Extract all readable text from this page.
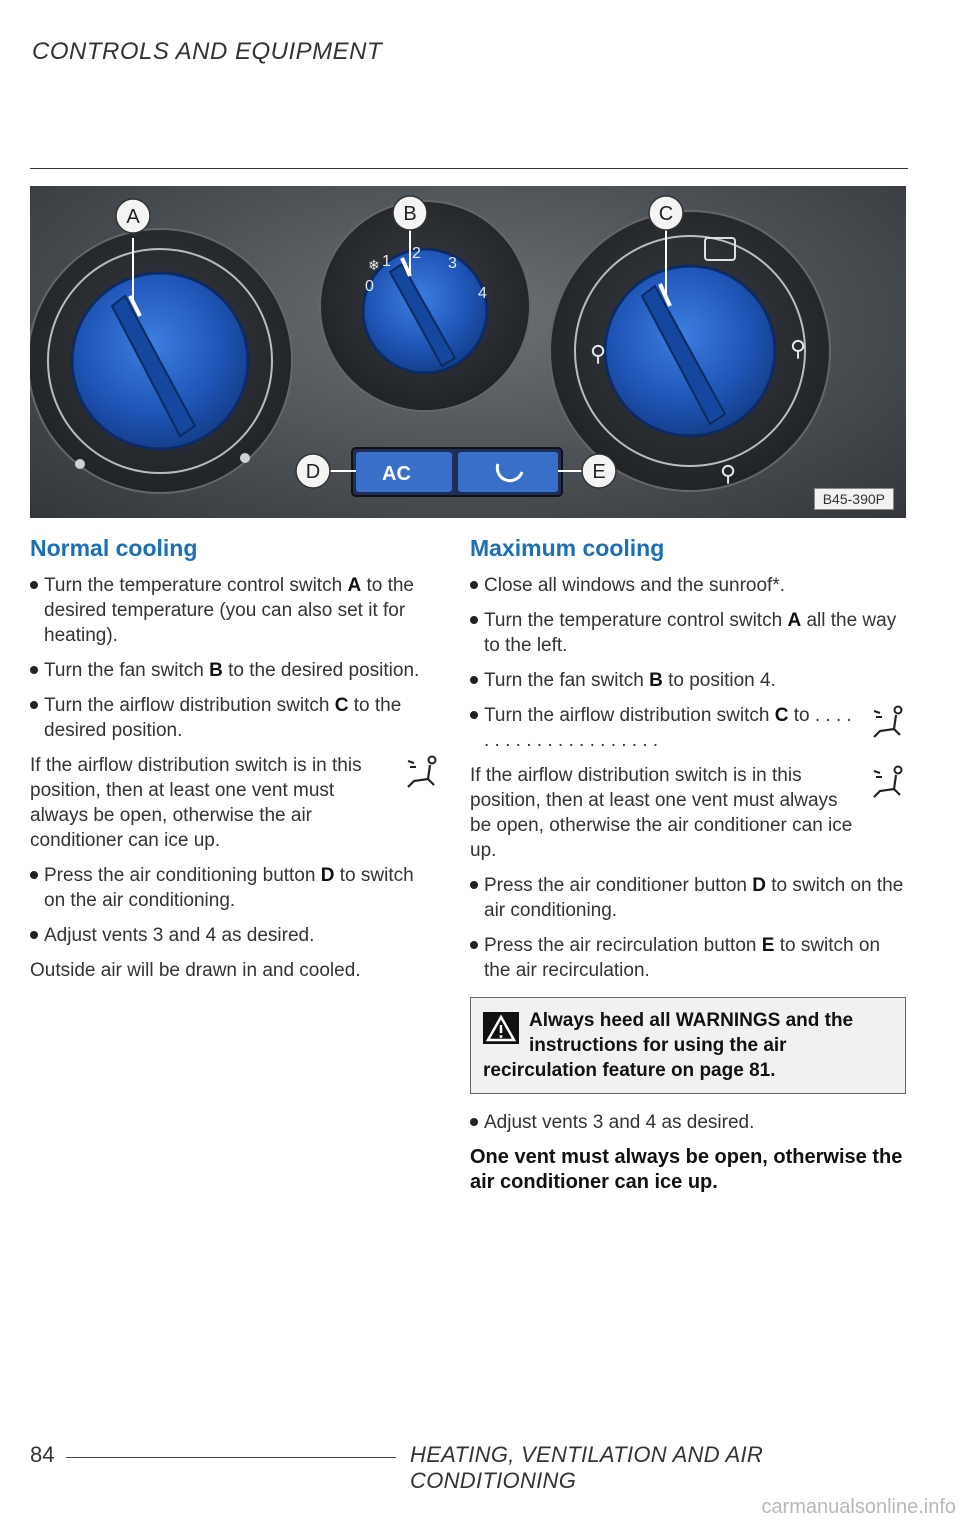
CONTROLS AND EQUIPMENT
0
1 2
3
4
❄
⚲	⚲
⚲
AC
A	B	C
D	E
B45-390P
Normal cooling
Turn the temperature control switch A to the desired temperature (you can also set it for heating).
Turn the fan switch B to the desired position.
Turn the airflow distribution switch C to the desired position.
If the airflow distribution switch is in this position, then at least one vent must always be open, otherwise the air conditioner can ice up.
Press the air conditioning button D to switch on the air conditioning.
Adjust vents 3 and 4 as desired.
Outside air will be drawn in and cooled.
Maximum cooling
Close all windows and the sunroof*.
Turn the temperature control switch A all the way to the left.
Turn the fan switch B to position 4.
Turn the airflow distribution switch C to . . . . . . . . . . . . . . . . . . . . .
If the airflow distribution switch is in this position, then at least one vent must always be open, otherwise the air conditioner can ice up.
Press the air conditioner button D to switch on the air conditioning.
Press the air recirculation button E to switch on the air recirculation.
Always heed all WARNINGS and the instructions for using the air recirculation feature on page 81.
Adjust vents 3 and 4 as desired.
One vent must always be open, otherwise the air conditioner can ice up.
84	HEATING, VENTILATION AND AIR CONDITIONING
carmanualsonline.info
